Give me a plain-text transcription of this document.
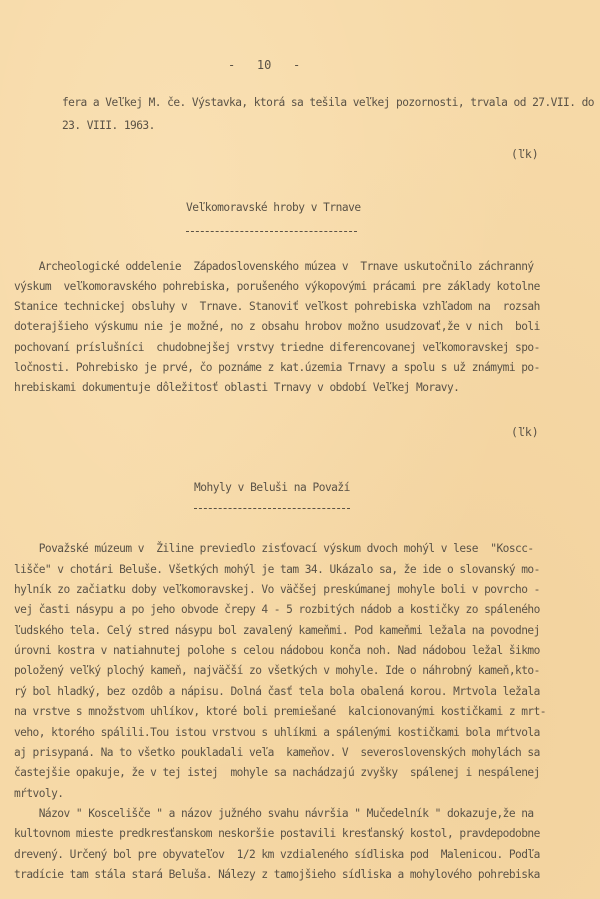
-   10   -
fera a Veľkej M. če. Výstavka, ktorá sa tešila veľkej pozornosti, trvala od 27.VII. do
23. VIII. 1963.
(ľk)
Veľkomoravské hroby v Trnave
Archeologické oddelenie  Západoslovenského múzea v  Trnave uskutočnilo záchranný
výskum  veľkomoravského pohrebiska, porušeného výkopovými prácami pre základy kotolne
Stanice technickej obsluhy v  Trnave. Stanoviť veľkost pohrebiska vzhľadom na  rozsah
doterajšieho výskumu nie je možné, no z obsahu hrobov možno usudzovať,že v nich  boli
pochovaní príslušníci  chudobnejšej vrstvy triedne diferencovanej veľkomoravskej spo-
ločnosti. Pohrebisko je prvé, čo poznáme z kat.územia Trnavy a spolu s už známymi po-
hrebiskami dokumentuje dôležitosť oblasti Trnavy v období Veľkej Moravy.
(ľk)
Mohyly v Beluši na Považí
Považské múzeum v  Žiline previedlo zisťovací výskum dvoch mohýl v lese  "Koscc-
lišče" v chotári Beluše. Všetkých mohýl je tam 34. Ukázalo sa, že ide o slovanský mo-
hylník zo začiatku doby veľkomoravskej. Vo väčšej preskúmanej mohyle boli v povrcho -
vej časti násypu a po jeho obvode črepy 4 - 5 rozbitých nádob a kostičky zo spáleného
ľudského tela. Celý stred násypu bol zavalený kameňmi. Pod kameňmi ležala na povodnej
úrovni kostra v natiahnutej polohe s celou nádobou konča noh. Nad nádobou ležal šikmo
položený veľký plochý kameň, najväčší zo všetkých v mohyle. Ide o náhrobný kameň,kto-
rý bol hladký, bez ozdôb a nápisu. Dolná časť tela bola obalená korou. Mrtvola ležala
na vrstve s množstvom uhlíkov, ktoré boli premiešané  kalcionovanými kostičkami z mrt-
veho, ktorého spálili.Tou istou vrstvou s uhlíkmi a spálenými kostičkami bola mŕtvola
aj prisypaná. Na to všetko poukladali veľa  kameňov. V  severoslovenských mohylách sa
častejšie opakuje, že v tej istej  mohyle sa nachádzajú zvyšky  spálenej i nespálenej
mŕtvoly.
Názov " Koscelišče " a názov južného svahu návršia " Mučedelník " dokazuje,že na
kultovnom mieste predkresťanskom neskoršie postavili kresťanský kostol, pravdepodobne
drevený. Určený bol pre obyvateľov  1/2 km vzdialeného sídliska pod  Malenicou. Podľa
tradície tam stála stará Beluša. Nálezy z tamojšieho sídliska a mohylového pohrebiska
